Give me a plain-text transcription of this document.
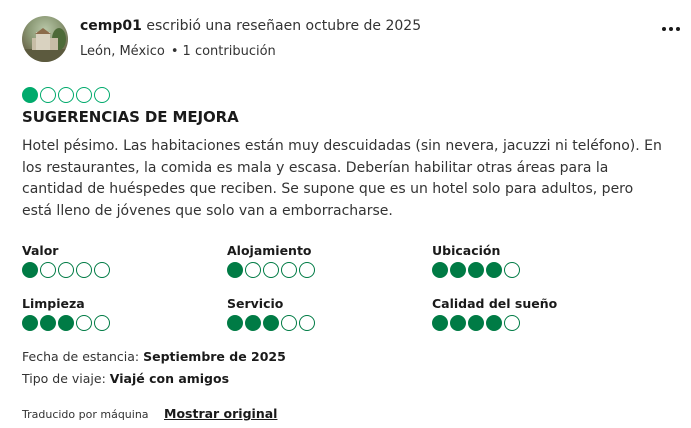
cemp01 escribió una reseñaen octubre de 2025
León, México • 1 contribución
SUGERENCIAS DE MEJORA
Hotel pésimo. Las habitaciones están muy descuidadas (sin nevera, jacuzzi ni teléfono). En los restaurantes, la comida es mala y escasa. Deberían habilitar otras áreas para la cantidad de huéspedes que reciben. Se supone que es un hotel solo para adultos, pero está lleno de jóvenes que solo van a emborracharse.
Valor	Alojamiento	Ubicación
Limpieza	Servicio	Calidad del sueño
Fecha de estancia: Septiembre de 2025
Tipo de viaje: Viajé con amigos
Traducido por máquina Mostrar original
